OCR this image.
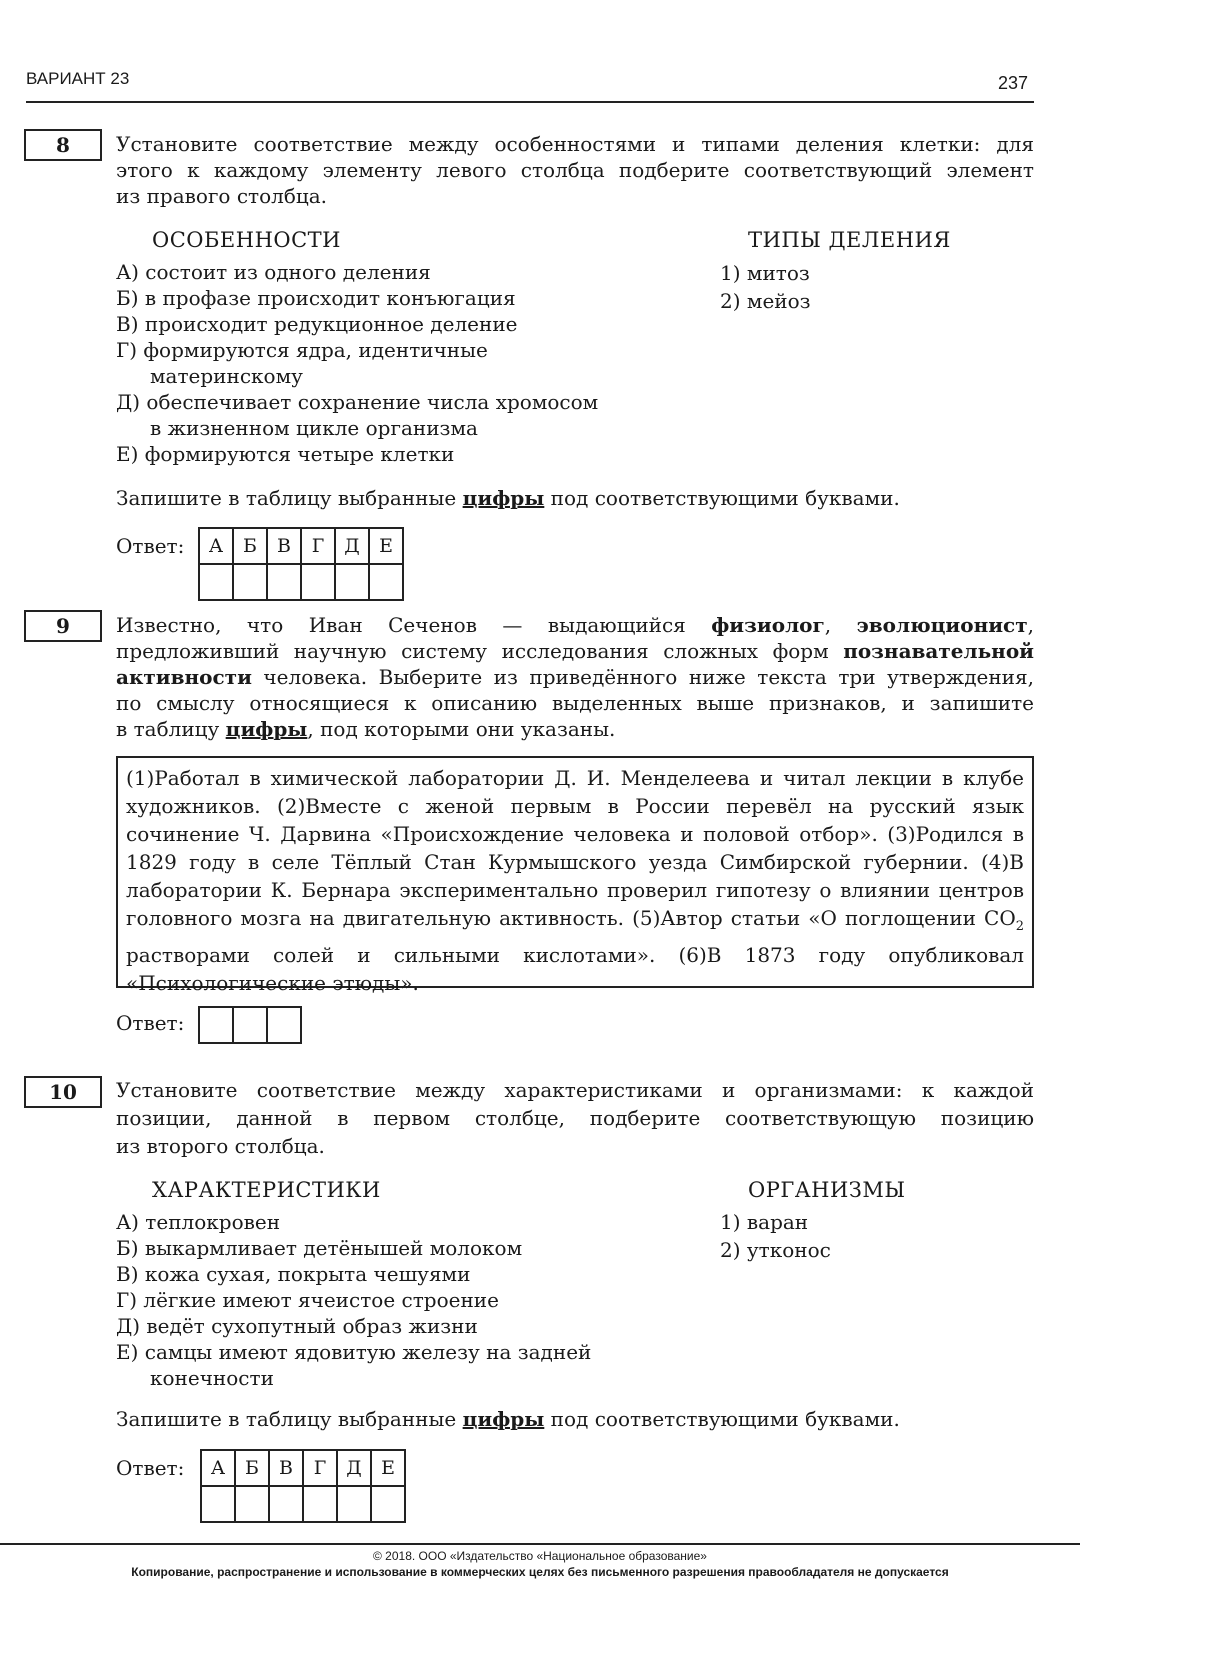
ВАРИАНТ 23	237
8	Установите соответствие между особенностями и типами деления клетки: для
этого к каждому элементу левого столбца подберите соответствующий элемент
из правого столбца.
ОСОБЕННОСТИ	ТИПЫ ДЕЛЕНИЯ
А) состоит из одного деления
Б) в профазе происходит конъюгация
В) происходит редукционное деление
Г) формируются ядра, идентичные
материнскому
Д) обеспечивает сохранение числа хромосом
в жизненном цикле организма
Е) формируются четыре клетки
1) митоз
2) мейоз
Запишите в таблицу выбранные цифры под соответствующими буквами.
Ответ: А	Б	В	Г	Д	Е

9	Известно, что Иван Сеченов — выдающийся физиолог, эволюционист,
предложивший научную систему исследования сложных форм познавательной
активности человека. Выберите из приведённого ниже текста три утверждения,
по смыслу относящиеся к описанию выделенных выше признаков, и запишите
в таблицу цифры, под которыми они указаны.
(1)Работал в химической лаборатории Д. И. Менделеева и читал лекции в клубе художников. (2)Вместе с женой первым в России перевёл на русский язык сочинение Ч. Дарвина «Происхождение человека и половой отбор». (3)Родился в 1829 году в селе Тёплый Стан Курмышского уезда Симбирской губернии. (4)В лаборатории К. Бернара экспериментально проверил гипотезу о влиянии центров головного мозга на двигательную активность. (5)Автор статьи «О поглощении $CO_2$ растворами солей и сильными кислотами». (6)В 1873 году опубликовал «Психологические этюды».
Ответ:

10	Установите соответствие между характеристиками и организмами: к каждой
позиции, данной в первом столбце, подберите соответствующую позицию
из второго столбца.
ХАРАКТЕРИСТИКИ	ОРГАНИЗМЫ
А) теплокровен
Б) выкармливает детёнышей молоком
В) кожа сухая, покрыта чешуями
Г) лёгкие имеют ячеистое строение
Д) ведёт сухопутный образ жизни
Е) самцы имеют ядовитую железу на задней
конечности
1) варан
2) утконос
Запишите в таблицу выбранные цифры под соответствующими буквами.
Ответ: А	Б	В	Г	Д	Е

© 2018. ООО «Издательство «Национальное образование»
Копирование, распространение и использование в коммерческих целях без письменного разрешения правообладателя не допускается
